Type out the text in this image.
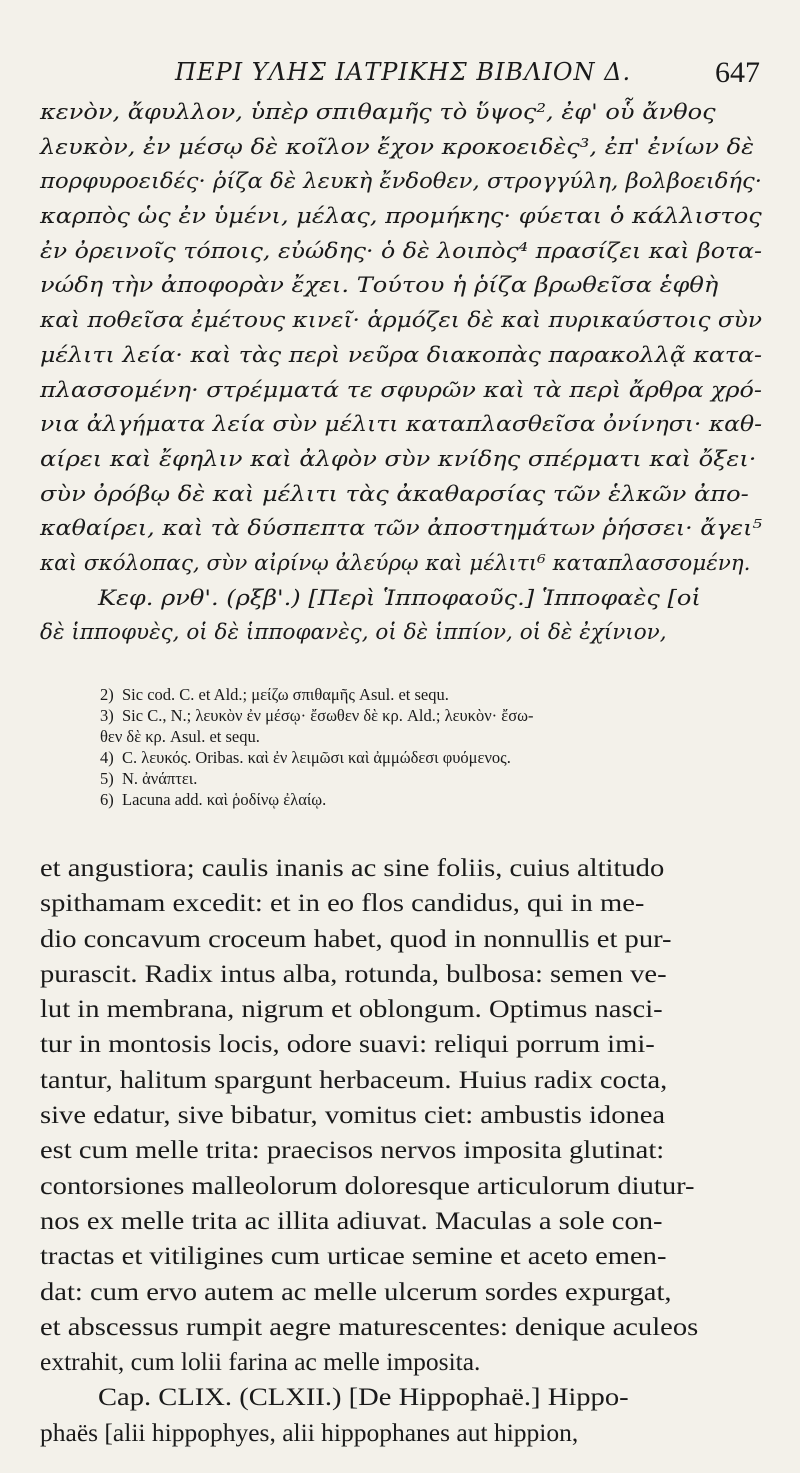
ΠΕΡΙ ΥΛΗΣ ΙΑΤΡΙΚΗΣ ΒΙΒΛΙΟΝ Δ.	647
κενὸν, ἄφυλλον, ὑπὲρ σπιθαμῆς τὸ ὕψος², ἐφ' οὗ ἄνθος
λευκὸν, ἐν μέσῳ δὲ κοῖλον ἔχον κροκοειδὲς³, ἐπ' ἐνίων δὲ
πορφυροειδές· ῥίζα δὲ λευκὴ ἔνδοθεν, στρογγύλη, βολβοειδής·
καρπὸς ὡς ἐν ὑμένι, μέλας, προμήκης· φύεται ὁ κάλλιστος
ἐν ὀρεινοῖς τόποις, εὐώδης· ὁ δὲ λοιπὸς⁴ πρασίζει καὶ βοτα-
νώδη τὴν ἀποφορὰν ἔχει. Τούτου ἡ ῥίζα βρωθεῖσα ἑφθὴ
καὶ ποθεῖσα ἐμέτους κινεῖ· ἁρμόζει δὲ καὶ πυρικαύστοις σὺν
μέλιτι λεία· καὶ τὰς περὶ νεῦρα διακοπὰς παρακολλᾷ κατα-
πλασσομένη· στρέμματά τε σφυρῶν καὶ τὰ περὶ ἄρθρα χρό-
νια ἀλγήματα λεία σὺν μέλιτι καταπλασθεῖσα ὀνίνησι· καθ-
αίρει καὶ ἔφηλιν καὶ ἀλφὸν σὺν κνίδης σπέρματι καὶ ὄξει·
σὺν ὀρόβῳ δὲ καὶ μέλιτι τὰς ἀκαθαρσίας τῶν ἑλκῶν ἀπο-
καθαίρει, καὶ τὰ δύσπεπτα τῶν ἀποστημάτων ῥήσσει· ἄγει⁵
καὶ σκόλοπας, σὺν αἰρίνῳ ἀλεύρῳ καὶ μέλιτι⁶ καταπλασσομένη.
Κεφ. ρνθ'. (ρξβ'.) [Περὶ Ἱπποφαοῦς.] Ἱπποφαὲς [οἱ
δὲ ἱπποφυὲς, οἱ δὲ ἱπποφανὲς, οἱ δὲ ἱππίον, οἱ δὲ ἐχίνιον,
2) Sic cod. C. et Ald.; μείζω σπιθαμῆς Asul. et sequ.
3) Sic C., N.; λευκὸν ἐν μέσῳ· ἔσωθεν δὲ κρ. Ald.; λευκὸν· ἔσω-
θεν δὲ κρ. Asul. et sequ.
4) C. λευκός. Oribas. καὶ ἐν λειμῶσι καὶ ἀμμώδεσι φυόμενος.
5) N. ἀνάπτει.
6) Lacuna add. καὶ ῥοδίνῳ ἐλαίῳ.
et angustiora; caulis inanis ac sine foliis, cuius altitudo
spithamam excedit: et in eo flos candidus, qui in me-
dio concavum croceum habet, quod in nonnullis et pur-
purascit. Radix intus alba, rotunda, bulbosa: semen ve-
lut in membrana, nigrum et oblongum. Optimus nasci-
tur in montosis locis, odore suavi: reliqui porrum imi-
tantur, halitum spargunt herbaceum. Huius radix cocta,
sive edatur, sive bibatur, vomitus ciet: ambustis idonea
est cum melle trita: praecisos nervos imposita glutinat:
contorsiones malleolorum doloresque articulorum diutur-
nos ex melle trita ac illita adiuvat. Maculas a sole con-
tractas et vitiligines cum urticae semine et aceto emen-
dat: cum ervo autem ac melle ulcerum sordes expurgat,
et abscessus rumpit aegre maturescentes: denique aculeos
extrahit, cum lolii farina ac melle imposita.
Cap. CLIX. (CLXII.) [De Hippophaë.] Hippo-
phaës [alii hippophyes, alii hippophanes aut hippion,
